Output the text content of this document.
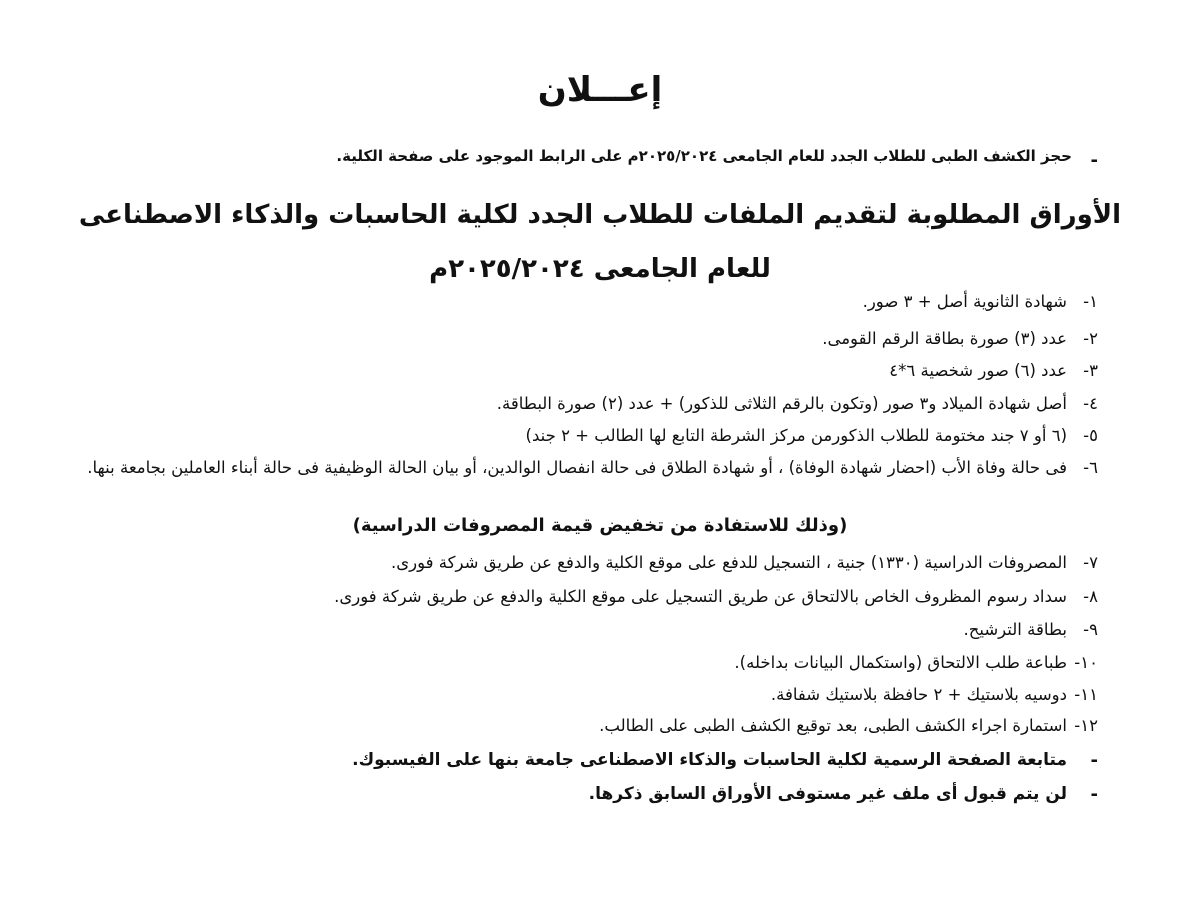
إعـــلان
-
حجز الكشف الطبى للطلاب الجدد للعام الجامعى ٢٠٢٥/٢٠٢٤م على الرابط الموجود على صفحة الكلية.
الأوراق المطلوبة لتقديم الملفات للطلاب الجدد لكلية الحاسبات والذكاء الاصطناعى
للعام الجامعى ٢٠٢٥/٢٠٢٤م
١-
شهادة الثانوية أصل + ٣ صور.
٢-
عدد (٣) صورة بطاقة الرقم القومى.
٣-
عدد (٦) صور شخصية ٦*٤
٤-
أصل شهادة الميلاد و٣ صور (وتكون بالرقم الثلاثى للذكور) + عدد (٢) صورة البطاقة.
٥-
(٦ أو ٧ جند مختومة للطلاب الذكورمن مركز الشرطة التابع لها الطالب + ٢ جند)
٦-
فى حالة وفاة الأب (احضار شهادة الوفاة) ، أو شهادة الطلاق فى حالة انفصال الوالدين، أو بيان الحالة الوظيفية فى حالة أبناء العاملين بجامعة بنها.
(وذلك للاستفادة من تخفيض قيمة المصروفات الدراسية)
٧-
المصروفات الدراسية (١٣٣٠) جنية ، التسجيل للدفع على موقع الكلية والدفع عن طريق شركة فورى.
٨-
سداد رسوم المظروف الخاص بالالتحاق عن طريق التسجيل على موقع الكلية والدفع عن طريق شركة فورى.
٩-
بطاقة الترشيح.
١٠-
طباعة طلب الالتحاق (واستكمال البيانات بداخله).
١١-
دوسيه بلاستيك + ٢ حافظة بلاستيك شفافة.
١٢-
استمارة اجراء الكشف الطبى، بعد توقيع الكشف الطبى على الطالب.
-
متابعة الصفحة الرسمية لكلية الحاسبات والذكاء الاصطناعى جامعة بنها على الفيسبوك.
-
لن يتم قبول أى ملف غير مستوفى الأوراق السابق ذكرها.
